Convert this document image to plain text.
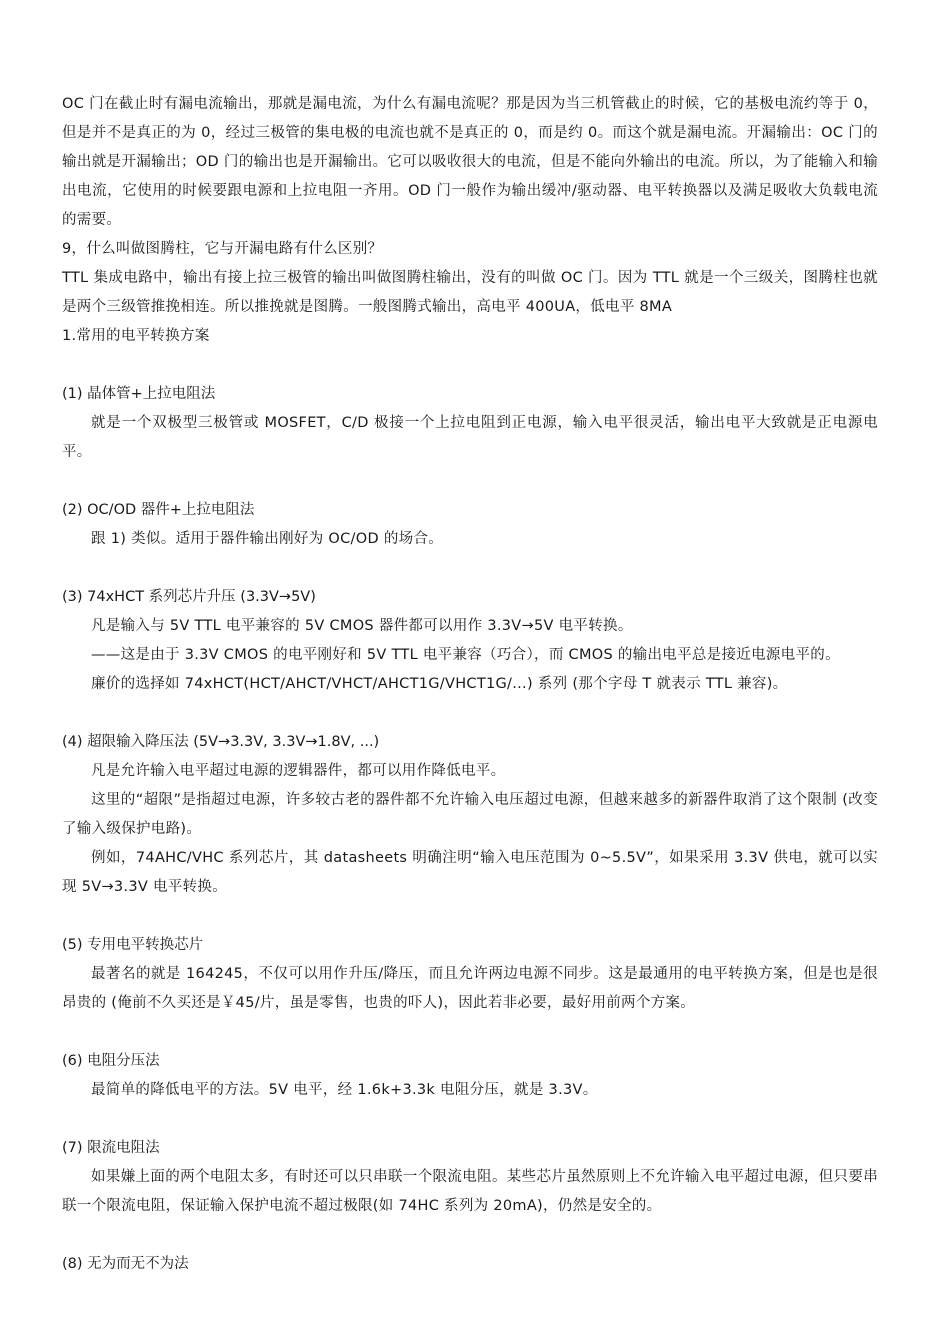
OC 门在截止时有漏电流输出，那就是漏电流，为什么有漏电流呢？那是因为当三机管截止的时候，它的基极电流约等于 0，但是并不是真正的为 0，经过三极管的集电极的电流也就不是真正的 0，而是约 0。而这个就是漏电流。开漏输出：OC 门的输出就是开漏输出；OD 门的输出也是开漏输出。它可以吸收很大的电流，但是不能向外输出的电流。所以，为了能输入和输出电流，它使用的时候要跟电源和上拉电阻一齐用。OD 门一般作为输出缓冲/驱动器、电平转换器以及满足吸收大负载电流的需要。

9，什么叫做图腾柱，它与开漏电路有什么区别？

TTL 集成电路中，输出有接上拉三极管的输出叫做图腾柱输出，没有的叫做 OC 门。因为 TTL 就是一个三级关，图腾柱也就是两个三级管推挽相连。所以推挽就是图腾。一般图腾式输出，高电平 400UA，低电平 8MA

1.常用的电平转换方案

(1) 晶体管+上拉电阻法

就是一个双极型三极管或 MOSFET，C/D 极接一个上拉电阻到正电源，输入电平很灵活，输出电平大致就是正电源电平。

(2) OC/OD 器件+上拉电阻法

跟 1) 类似。适用于器件输出刚好为 OC/OD 的场合。

(3) 74xHCT 系列芯片升压 (3.3V→5V)

凡是输入与 5V TTL 电平兼容的 5V CMOS 器件都可以用作 3.3V→5V 电平转换。

——这是由于 3.3V CMOS 的电平刚好和 5V TTL 电平兼容（巧合），而 CMOS 的输出电平总是接近电源电平的。

廉价的选择如 74xHCT(HCT/AHCT/VHCT/AHCT1G/VHCT1G/...) 系列 (那个字母 T 就表示 TTL 兼容)。

(4) 超限输入降压法 (5V→3.3V, 3.3V→1.8V, ...)

凡是允许输入电平超过电源的逻辑器件，都可以用作降低电平。

这里的“超限”是指超过电源，许多较古老的器件都不允许输入电压超过电源，但越来越多的新器件取消了这个限制 (改变了输入级保护电路)。

例如，74AHC/VHC 系列芯片，其 datasheets 明确注明“输入电压范围为 0~5.5V”，如果采用 3.3V 供电，就可以实现 5V→3.3V 电平转换。

(5) 专用电平转换芯片

最著名的就是 164245，不仅可以用作升压/降压，而且允许两边电源不同步。这是最通用的电平转换方案，但是也是很昂贵的 (俺前不久买还是￥45/片，虽是零售，也贵的吓人)，因此若非必要，最好用前两个方案。

(6) 电阻分压法

最简单的降低电平的方法。5V 电平，经 1.6k+3.3k 电阻分压，就是 3.3V。

(7) 限流电阻法

如果嫌上面的两个电阻太多，有时还可以只串联一个限流电阻。某些芯片虽然原则上不允许输入电平超过电源，但只要串联一个限流电阻，保证输入保护电流不超过极限(如 74HC 系列为 20mA)，仍然是安全的。

(8) 无为而无不为法
